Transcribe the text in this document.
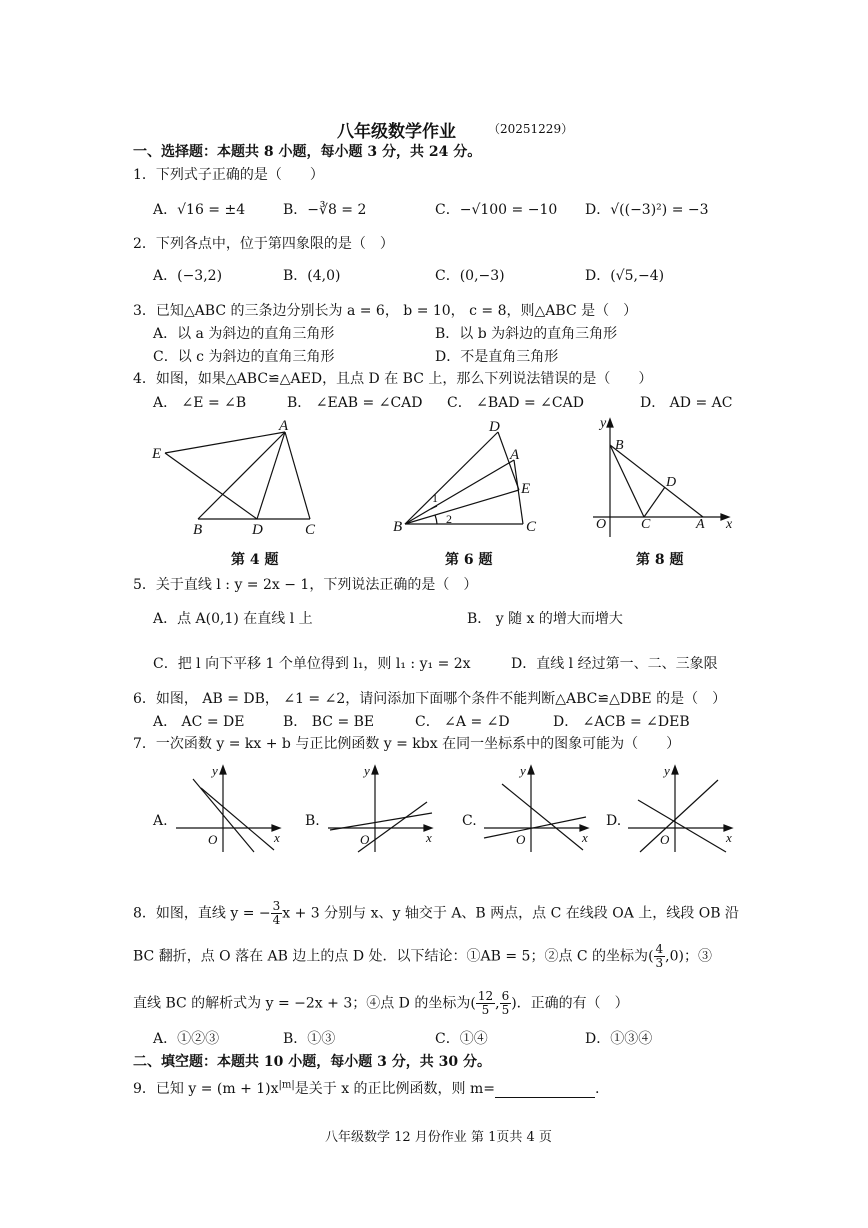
八年级数学作业	（20251229）
一、选择题：本题共 8 小题，每小题 3 分，共 24 分。
1．下列式子正确的是（　　）
A．√16 = ±4	B．−∛8 = 2	C．−√100 = −10 D．√((−3)²) = −3
2．下列各点中，位于第四象限的是（　）
A．(−3,2)	B．(4,0)	C．(0,−3)	D．(√5,−4)
3．已知△ABC 的三条边分别长为 a = 6， b = 10， c = 8，则△ABC 是（　）
A．以 a 为斜边的直角三角形	B．以 b 为斜边的直角三角形
C．以 c 为斜边的直角三角形	D．不是直角三角形
4．如图，如果△ABC≌△AED，且点 D 在 BC 上，那么下列说法错误的是（　　）
A． ∠E = ∠B	B． ∠EAB = ∠CAD C． ∠BAD = ∠CAD	D． AD = AC
E
A
B	D	C
第 4 题
D
A
E
B	C
1
2
第 6 题
y
B
D
O C	A x
第 8 题
5．关于直线 l : y = 2x − 1，下列说法正确的是（　）
A．点 A(0,1) 在直线 l 上	B． y 随 x 的增大而增大
C．把 l 向下平移 1 个单位得到 l₁，则 l₁ : y₁ = 2x	D．直线 l 经过第一、二、三象限
6．如图， AB = DB， ∠1 = ∠2，请问添加下面哪个条件不能判断△ABC≌△DBE 的是（　）
A． AC = DE	B． BC = BE	C． ∠A = ∠D	D． ∠ACB = ∠DEB
7．一次函数 y = kx + b 与正比例函数 y = kbx 在同一坐标系中的图象可能为（　　）
A.
y
O	x
B.
y
O	x
C.
y
O	x
D.
y
O	x
8．如图，直线 y = − $\frac{3}{4}$ x + 3 分别与 x、y 轴交于 A、B 两点，点 C 在线段 OA 上，线段 OB 沿
BC 翻折，点 O 落在 AB 边上的点 D 处．以下结论：①AB = 5；②点 C 的坐标为( $\frac{4}{3} ,0$)；③
直线 BC 的解析式为 y = −2x + 3；④点 D 的坐标为( $\frac{12}{5}$ , $\frac{6}{5}$ )．正确的有（　）
A．①②③	B．①③	C．①④	D．①③④
二、填空题：本题共 10 小题，每小题 3 分，共 30 分。
9．已知 $y = (m + 1)x^{|m|}$是关于 x 的正比例函数，则 m=	.
八年级数学 12 月份作业 第 1页共 4 页
